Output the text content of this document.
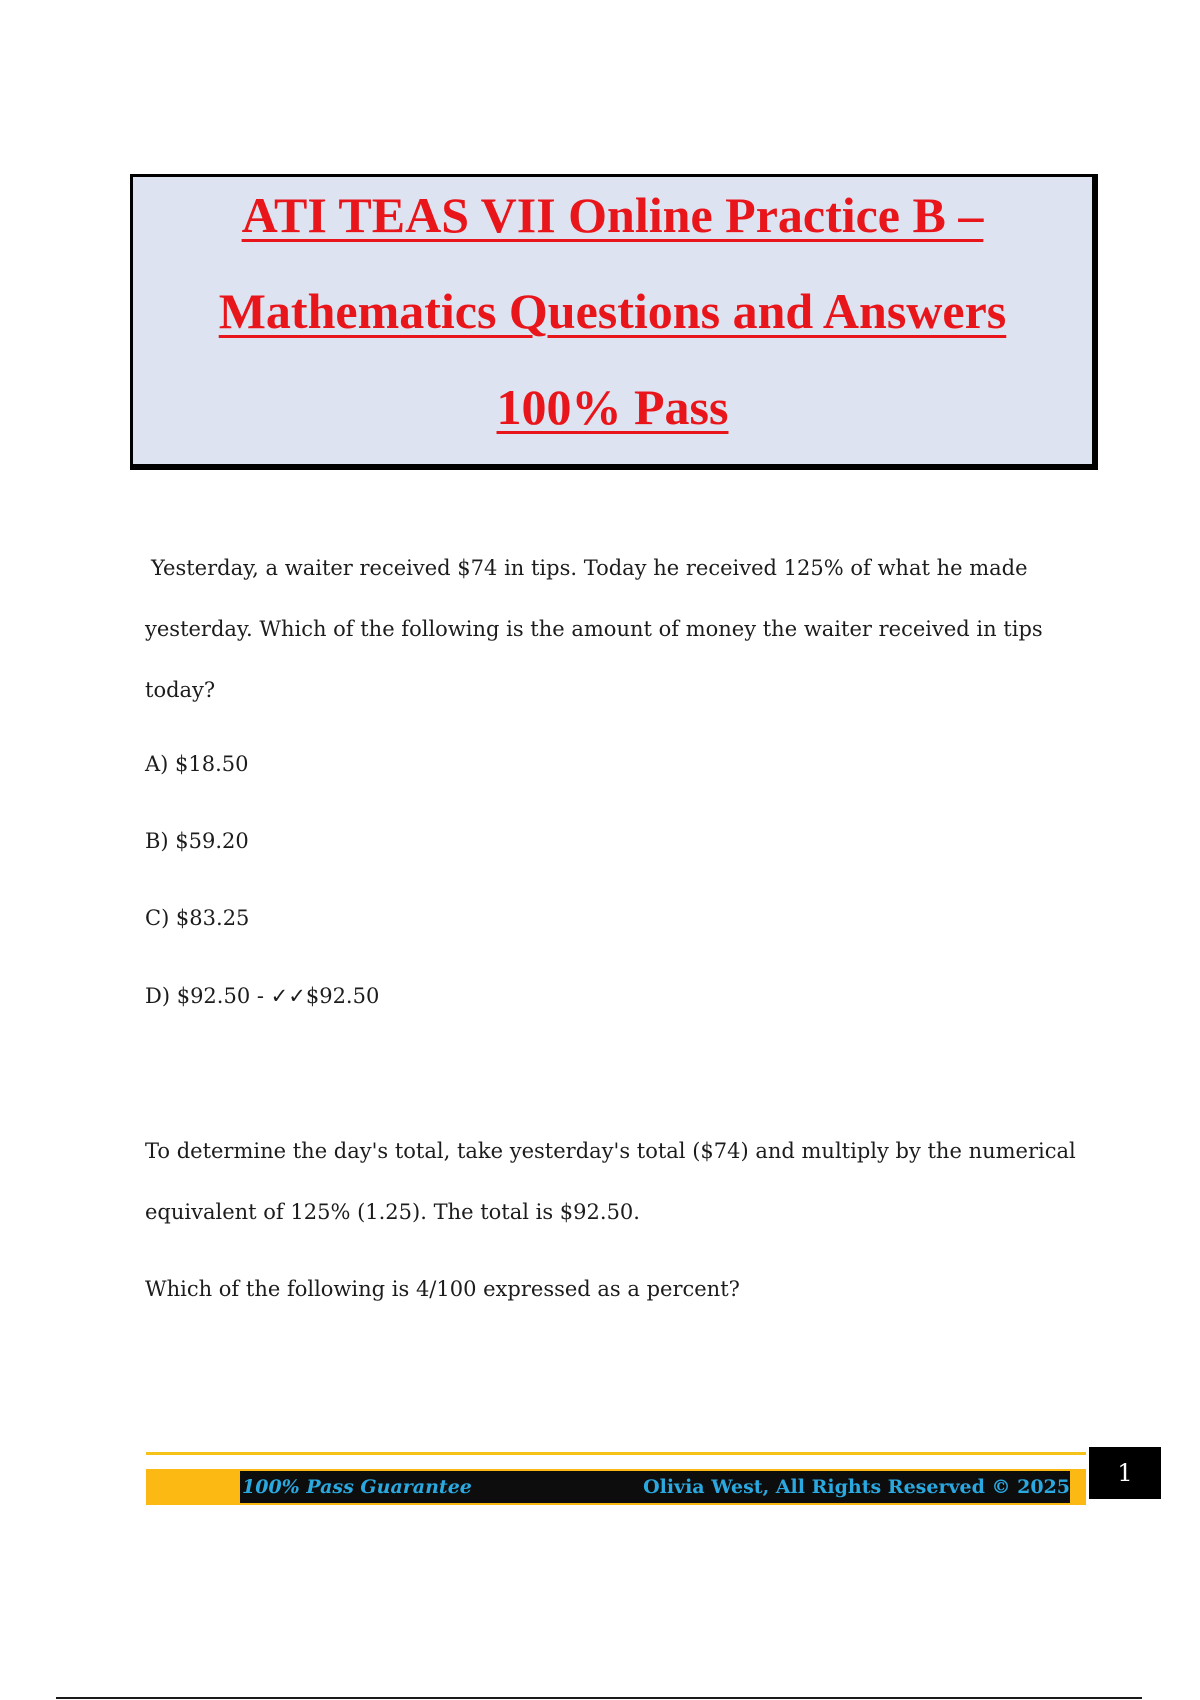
ATI TEAS VII Online Practice B –
Mathematics Questions and Answers
100% Pass
Yesterday, a waiter received $74 in tips. Today he received 125% of what he made
yesterday. Which of the following is the amount of money the waiter received in tips
today?
A) $18.50
B) $59.20
C) $83.25
D) $92.50 - ✓✓$92.50
To determine the day's total, take yesterday's total ($74) and multiply by the numerical
equivalent of 125% (1.25). The total is $92.50.
Which of the following is 4/100 expressed as a percent?
100% Pass Guarantee	Olivia West, All Rights Reserved © 2025	1
